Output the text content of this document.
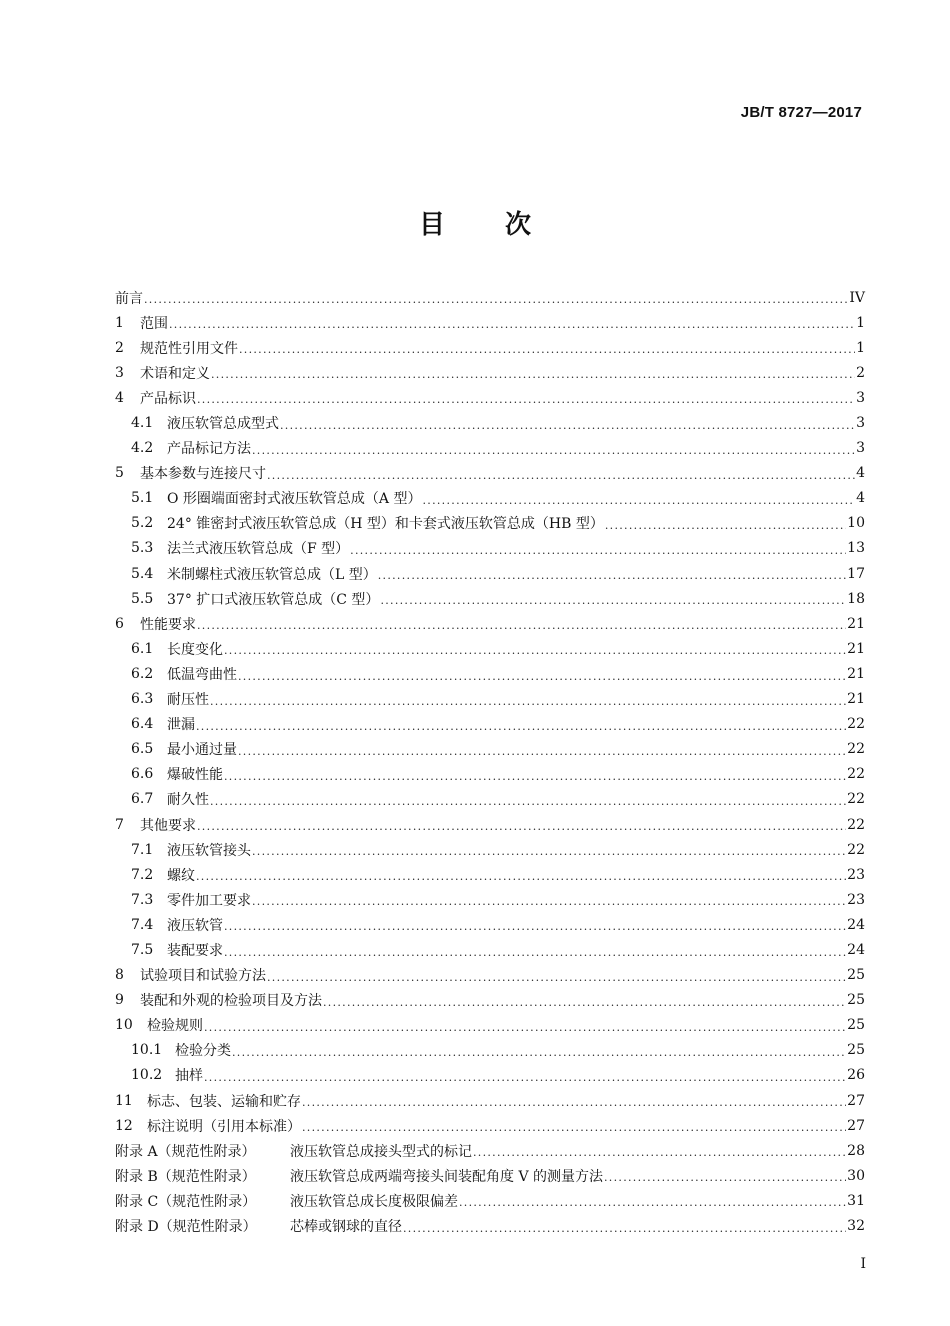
JB/T 8727—2017
目次
前言 .....	IV
1	范围 .....	1
2	规范性引用文件 .....	1
3	术语和定义 .....	2
4	产品标识 .....	3
4.1 液压软管总成型式 .....	3
4.2 产品标记方法 .....	3
5	基本参数与连接尺寸 .....	4
5.1 O 形圈端面密封式液压软管总成（A 型） .....	4
5.2 24° 锥密封式液压软管总成（H 型）和卡套式液压软管总成（HB 型） .....	10
5.3 法兰式液压软管总成（F 型） .....	13
5.4 米制螺柱式液压软管总成（L 型） .....	17
5.5 37° 扩口式液压软管总成（C 型） .....	18
6	性能要求 .....	21
6.1 长度变化 .....	21
6.2 低温弯曲性 .....	21
6.3 耐压性 .....	21
6.4 泄漏 .....	22
6.5 最小通过量 .....	22
6.6 爆破性能 .....	22
6.7 耐久性 .....	22
7	其他要求 .....	22
7.1 液压软管接头 .....	22
7.2 螺纹 .....	23
7.3 零件加工要求 .....	23
7.4 液压软管 .....	24
7.5 装配要求 .....	24
8	试验项目和试验方法 .....	25
9	装配和外观的检验项目及方法 .....	25
10	检验规则 .....	25
10.1 检验分类 .....	25
10.2 抽样 .....	26
11	标志、包装、运输和贮存 .....	27
12	标注说明（引用本标准） .....	27
附录 A（规范性附录）	液压软管总成接头型式的标记 .....	28
附录 B（规范性附录）	液压软管总成两端弯接头间装配角度 V 的测量方法 .....	30
附录 C（规范性附录）	液压软管总成长度极限偏差 .....	31
附录 D（规范性附录）	芯棒或钢球的直径 .....	32
I
